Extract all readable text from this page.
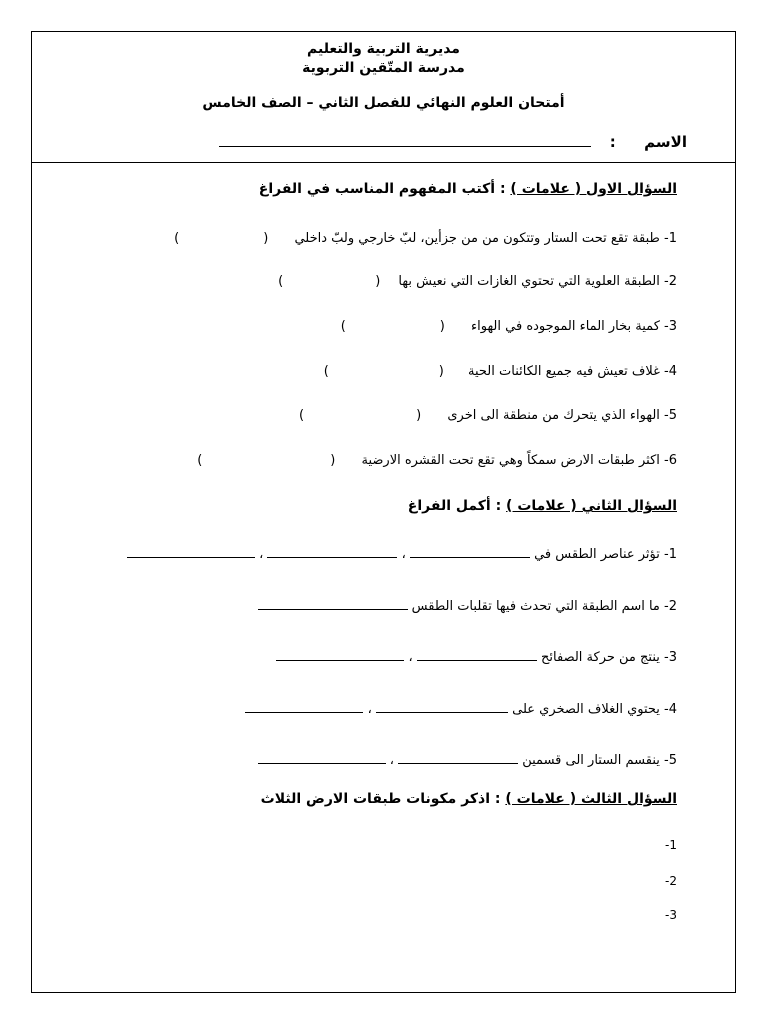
مديرية التربية والتعليم
مدرسة المتّقين التربوية
أمتحان العلوم النهائي للفصل الثاني – الصف الخامس
الاسم  :
السؤال الاول ( علامات ) : أكتب المفهوم المناسب في الفراغ
1- طبقة تقع تحت الستار وتتكون من من جزأين، لبّ خارجي ولبّ داخلي ()
2- الطبقة العلوية التي تحتوي الغازات التي نعيش بها ()
3- كمية بخار الماء الموجوده في الهواء ()
4- غلاف تعيش فيه جميع الكائنات الحية ()
5- الهواء الذي يتحرك من منطقة الى اخرى ()
6- اكثر طبقات الارض سمكاً وهي تقع تحت القشره الارضية ()
السؤال الثاني ( علامات ) : أكمل الفراغ
1- تؤثر عناصر الطقس في  ،  ،
2- ما اسم الطبقة التي تحدث فيها تقلبات الطقس
3- ينتج من حركة الصفائح  ،
4- يحتوي الغلاف الصخري على  ،
5- ينقسم الستار الى قسمين  ،
السؤال الثالث ( علامات ) : اذكر مكونات طبقات الارض الثلاث
-1
-2
-3
